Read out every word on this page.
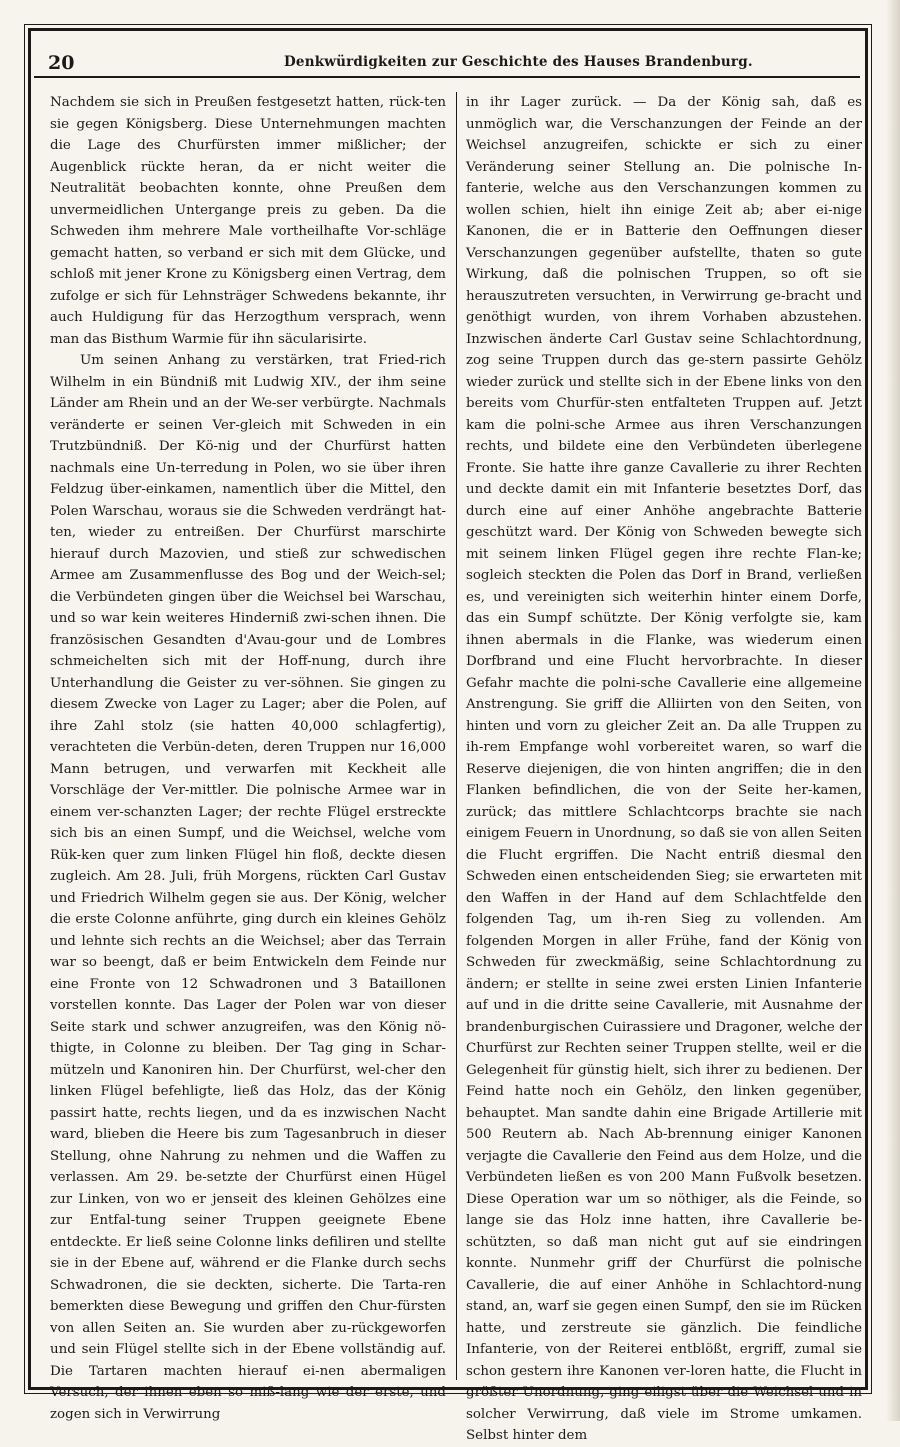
20	Denkwürdigkeiten zur Geschichte des Hauses Brandenburg.

Nachdem sie sich in Preußen festgesetzt hatten, rück-ten sie gegen Königsberg. Diese Unternehmungen machten die Lage des Churfürsten immer mißlicher; der Augenblick rückte heran, da er nicht weiter die Neutralität beobachten konnte, ohne Preußen dem unvermeidlichen Untergange preis zu geben. Da die Schweden ihm mehrere Male vortheilhafte Vor-schläge gemacht hatten, so verband er sich mit dem Glücke, und schloß mit jener Krone zu Königsberg einen Vertrag, dem zufolge er sich für Lehnsträger Schwedens bekannte, ihr auch Huldigung für das Herzogthum versprach, wenn man das Bisthum Warmie für ihn säcularisirte.

Um seinen Anhang zu verstärken, trat Fried-rich Wilhelm in ein Bündniß mit Ludwig XIV., der ihm seine Länder am Rhein und an der We-ser verbürgte. Nachmals veränderte er seinen Ver-gleich mit Schweden in ein Trutzbündniß. Der Kö-nig und der Churfürst hatten nachmals eine Un-terredung in Polen, wo sie über ihren Feldzug über-einkamen, namentlich über die Mittel, den Polen Warschau, woraus sie die Schweden verdrängt hat-ten, wieder zu entreißen. Der Churfürst marschirte hierauf durch Mazovien, und stieß zur schwedischen Armee am Zusammenflusse des Bog und der Weich-sel; die Verbündeten gingen über die Weichsel bei Warschau, und so war kein weiteres Hinderniß zwi-schen ihnen. Die französischen Gesandten d'Avau-gour und de Lombres schmeichelten sich mit der Hoff-nung, durch ihre Unterhandlung die Geister zu ver-söhnen. Sie gingen zu diesem Zwecke von Lager zu Lager; aber die Polen, auf ihre Zahl stolz (sie hatten 40,000 schlagfertig), verachteten die Verbün-deten, deren Truppen nur 16,000 Mann betrugen, und verwarfen mit Keckheit alle Vorschläge der Ver-mittler. Die polnische Armee war in einem ver-schanzten Lager; der rechte Flügel erstreckte sich bis an einen Sumpf, und die Weichsel, welche vom Rük-ken quer zum linken Flügel hin floß, deckte diesen zugleich. Am 28. Juli, früh Morgens, rückten Carl Gustav und Friedrich Wilhelm gegen sie aus. Der König, welcher die erste Colonne anführte, ging durch ein kleines Gehölz und lehnte sich rechts an die Weichsel; aber das Terrain war so beengt, daß er beim Entwickeln dem Feinde nur eine Fronte von 12 Schwadronen und 3 Bataillonen vorstellen konnte. Das Lager der Polen war von dieser Seite stark und schwer anzugreifen, was den König nö-thigte, in Colonne zu bleiben. Der Tag ging in Schar-mützeln und Kanoniren hin. Der Churfürst, wel-cher den linken Flügel befehligte, ließ das Holz, das der König passirt hatte, rechts liegen, und da es inzwischen Nacht ward, blieben die Heere bis zum Tagesanbruch in dieser Stellung, ohne Nahrung zu nehmen und die Waffen zu verlassen. Am 29. be-setzte der Churfürst einen Hügel zur Linken, von wo er jenseit des kleinen Gehölzes eine zur Entfal-tung seiner Truppen geeignete Ebene entdeckte. Er ließ seine Colonne links defiliren und stellte sie in der Ebene auf, während er die Flanke durch sechs Schwadronen, die sie deckten, sicherte. Die Tarta-ren bemerkten diese Bewegung und griffen den Chur-fürsten von allen Seiten an. Sie wurden aber zu-rückgeworfen und sein Flügel stellte sich in der Ebene vollständig auf. Die Tartaren machten hierauf ei-nen abermaligen Versuch, der ihnen eben so miß-lang wie der erste, und zogen sich in Verwirrung

in ihr Lager zurück. — Da der König sah, daß es unmöglich war, die Verschanzungen der Feinde an der Weichsel anzugreifen, schickte er sich zu einer Veränderung seiner Stellung an. Die polnische In-fanterie, welche aus den Verschanzungen kommen zu wollen schien, hielt ihn einige Zeit ab; aber ei-nige Kanonen, die er in Batterie den Oeffnungen dieser Verschanzungen gegenüber aufstellte, thaten so gute Wirkung, daß die polnischen Truppen, so oft sie herauszutreten versuchten, in Verwirrung ge-bracht und genöthigt wurden, von ihrem Vorhaben abzustehen. Inzwischen änderte Carl Gustav seine Schlachtordnung, zog seine Truppen durch das ge-stern passirte Gehölz wieder zurück und stellte sich in der Ebene links von den bereits vom Churfür-sten entfalteten Truppen auf. Jetzt kam die polni-sche Armee aus ihren Verschanzungen rechts, und bildete eine den Verbündeten überlegene Fronte. Sie hatte ihre ganze Cavallerie zu ihrer Rechten und deckte damit ein mit Infanterie besetztes Dorf, das durch eine auf einer Anhöhe angebrachte Batterie geschützt ward. Der König von Schweden bewegte sich mit seinem linken Flügel gegen ihre rechte Flan-ke; sogleich steckten die Polen das Dorf in Brand, verließen es, und vereinigten sich weiterhin hinter einem Dorfe, das ein Sumpf schützte. Der König verfolgte sie, kam ihnen abermals in die Flanke, was wiederum einen Dorfbrand und eine Flucht hervorbrachte. In dieser Gefahr machte die polni-sche Cavallerie eine allgemeine Anstrengung. Sie griff die Alliirten von den Seiten, von hinten und vorn zu gleicher Zeit an. Da alle Truppen zu ih-rem Empfange wohl vorbereitet waren, so warf die Reserve diejenigen, die von hinten angriffen; die in den Flanken befindlichen, die von der Seite her-kamen, zurück; das mittlere Schlachtcorps brachte sie nach einigem Feuern in Unordnung, so daß sie von allen Seiten die Flucht ergriffen. Die Nacht entriß diesmal den Schweden einen entscheidenden Sieg; sie erwarteten mit den Waffen in der Hand auf dem Schlachtfelde den folgenden Tag, um ih-ren Sieg zu vollenden. Am folgenden Morgen in aller Frühe, fand der König von Schweden für zweckmäßig, seine Schlachtordnung zu ändern; er stellte in seine zwei ersten Linien Infanterie auf und in die dritte seine Cavallerie, mit Ausnahme der brandenburgischen Cuirassiere und Dragoner, welche der Churfürst zur Rechten seiner Truppen stellte, weil er die Gelegenheit für günstig hielt, sich ihrer zu bedienen. Der Feind hatte noch ein Gehölz, den linken gegenüber, behauptet. Man sandte dahin eine Brigade Artillerie mit 500 Reutern ab. Nach Ab-brennung einiger Kanonen verjagte die Cavallerie den Feind aus dem Holze, und die Verbündeten ließen es von 200 Mann Fußvolk besetzen. Diese Operation war um so nöthiger, als die Feinde, so lange sie das Holz inne hatten, ihre Cavallerie be-schützten, so daß man nicht gut auf sie eindringen konnte. Nunmehr griff der Churfürst die polnische Cavallerie, die auf einer Anhöhe in Schlachtord-nung stand, an, warf sie gegen einen Sumpf, den sie im Rücken hatte, und zerstreute sie gänzlich. Die feindliche Infanterie, von der Reiterei entblößt, ergriff, zumal sie schon gestern ihre Kanonen ver-loren hatte, die Flucht in größter Unordnung, ging eiligst über die Weichsel und in solcher Verwirrung, daß viele im Strome umkamen. Selbst hinter dem
